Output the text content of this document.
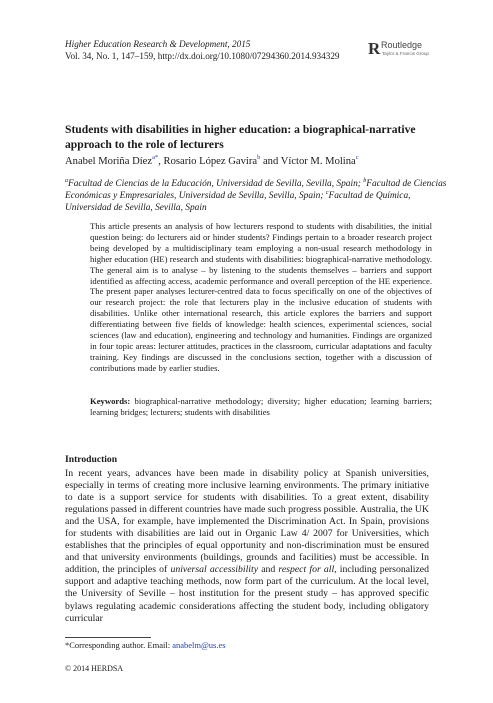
Higher Education Research & Development, 2015
Vol. 34, No. 1, 147–159, http://dx.doi.org/10.1080/07294360.2014.934329	R Routledge
Taylor & Francis Group
Students with disabilities in higher education: a biographical-narrative approach to the role of lecturers
Anabel Moriña Díez$^{a*}$, Rosario López Gavira$^b$ and Víctor M. Molina$^c$
$^a$Facultad de Ciencias de la Educación, Universidad de Sevilla, Sevilla, Spain; $^b$Facultad de Ciencias Económicas y Empresariales, Universidad de Sevilla, Sevilla, Spain; $^c$Facultad de Química, Universidad de Sevilla, Sevilla, Spain
This article presents an analysis of how lecturers respond to students with disabilities, the initial question being: do lecturers aid or hinder students? Findings pertain to a broader research project being developed by a multidisciplinary team employing a non-usual research methodology in higher education (HE) research and students with disabilities: biographical-narrative methodology. The general aim is to analyse – by listening to the students themselves – barriers and support identified as affecting access, academic performance and overall perception of the HE experience. The present paper analyses lecturer-centred data to focus specifically on one of the objectives of our research project: the role that lecturers play in the inclusive education of students with disabilities. Unlike other international research, this article explores the barriers and support differentiating between five fields of knowledge: health sciences, experimental sciences, social sciences (law and education), engineering and technology and humanities. Findings are organized in four topic areas: lecturer attitudes, practices in the classroom, curricular adaptations and faculty training. Key findings are discussed in the conclusions section, together with a discussion of contributions made by earlier studies.
Keywords: biographical-narrative methodology; diversity; higher education; learning barriers; learning bridges; lecturers; students with disabilities
Introduction
In recent years, advances have been made in disability policy at Spanish universities, especially in terms of creating more inclusive learning environments. The primary initiative to date is a support service for students with disabilities. To a great extent, disability regulations passed in different countries have made such progress possible. Australia, the UK and the USA, for example, have implemented the Discrimination Act. In Spain, provisions for students with disabilities are laid out in Organic Law 4/ 2007 for Universities, which establishes that the principles of equal opportunity and non-discrimination must be ensured and that university environments (buildings, grounds and facilities) must be accessible. In addition, the principles of universal accessibility and respect for all, including personalized support and adaptive teaching methods, now form part of the curriculum. At the local level, the University of Seville – host institution for the present study – has approved specific bylaws regulating academic considerations affecting the student body, including obligatory curricular
*Corresponding author. Email: anabelm@us.es
© 2014 HERDSA
